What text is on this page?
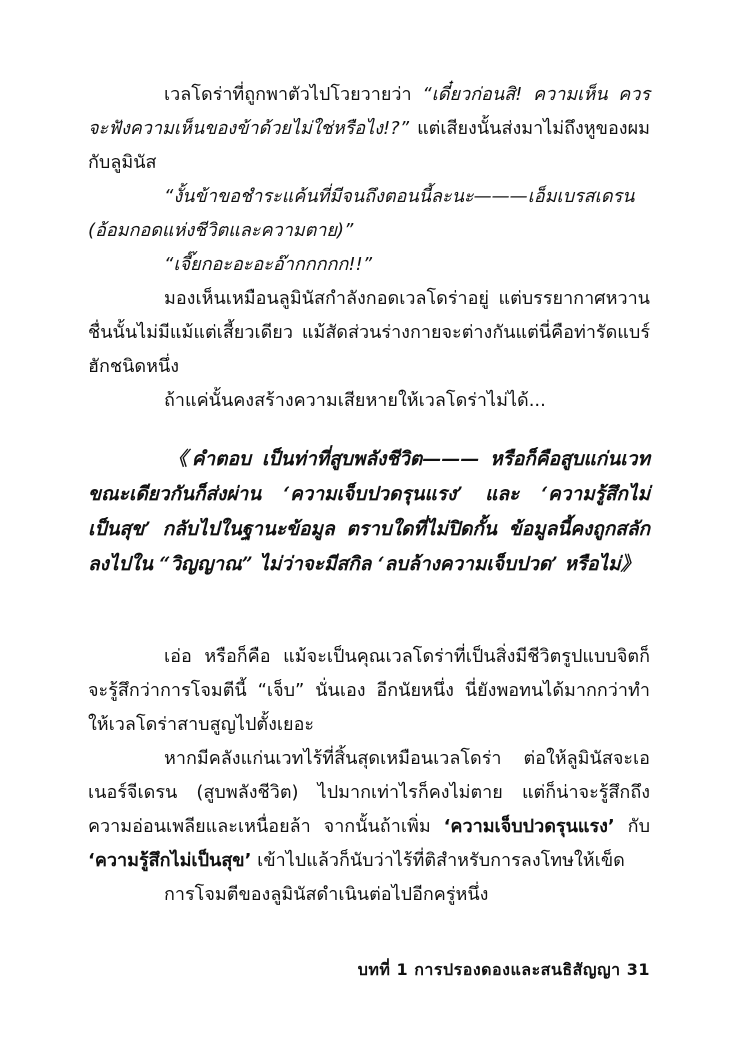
เวลโดร่าที่ถูกพาตัวไปโวยวายว่า “เดี๋ยวก่อนสิ! ความเห็น ควรจะฟังความเห็นของข้าด้วยไม่ใช่หรือไง!?” แต่เสียงนั้นส่งมาไม่ถึงหูของผมกับลูมินัส

“งั้นข้าขอชำระแค้นที่มีจนถึงตอนนี้ละนะ———เอ็มเบรสเดรน (อ้อมกอดแห่งชีวิตและความตาย)”

“เจี๊ยกอะอะอะอ๊ากกกกก!!”

มองเห็นเหมือนลูมินัสกำลังกอดเวลโดร่าอยู่ แต่บรรยากาศหวานชื่นนั้นไม่มีแม้แต่เสี้ยวเดียว แม้สัดส่วนร่างกายจะต่างกันแต่นี่คือท่ารัดแบร์ฮักชนิดหนึ่ง

ถ้าแค่นั้นคงสร้างความเสียหายให้เวลโดร่าไม่ได้...

《คำตอบ เป็นท่าที่สูบพลังชีวิต——— หรือก็คือสูบแก่นเวทขณะเดียวกันก็ส่งผ่าน ‘ความเจ็บปวดรุนแรง’ และ ‘ความรู้สึกไม่เป็นสุข’ กลับไปในฐานะข้อมูล ตราบใดที่ไม่ปิดกั้น ข้อมูลนี้คงถูกสลักลงไปใน “วิญญาณ” ไม่ว่าจะมีสกิล ‘ลบล้างความเจ็บปวด’ หรือไม่》

เอ่อ หรือก็คือ แม้จะเป็นคุณเวลโดร่าที่เป็นสิ่งมีชีวิตรูปแบบจิตก็จะรู้สึกว่าการโจมตีนี้ “เจ็บ” นั่นเอง อีกนัยหนึ่ง นี่ยังพอทนได้มากกว่าทำให้เวลโดร่าสาบสูญไปตั้งเยอะ

หากมีคลังแก่นเวทไร้ที่สิ้นสุดเหมือนเวลโดร่า ต่อให้ลูมินัสจะเอเนอร์จีเดรน (สูบพลังชีวิต) ไปมากเท่าไรก็คงไม่ตาย แต่ก็น่าจะรู้สึกถึงความอ่อนเพลียและเหนื่อยล้า จากนั้นถ้าเพิ่ม ‘ความเจ็บปวดรุนแรง’ กับ ‘ความรู้สึกไม่เป็นสุข’ เข้าไปแล้วก็นับว่าไร้ที่ติสำหรับการลงโทษให้เข็ด

การโจมตีของลูมินัสดำเนินต่อไปอีกครู่หนึ่ง

บทที่ 1 การปรองดองและสนธิสัญญา 31
